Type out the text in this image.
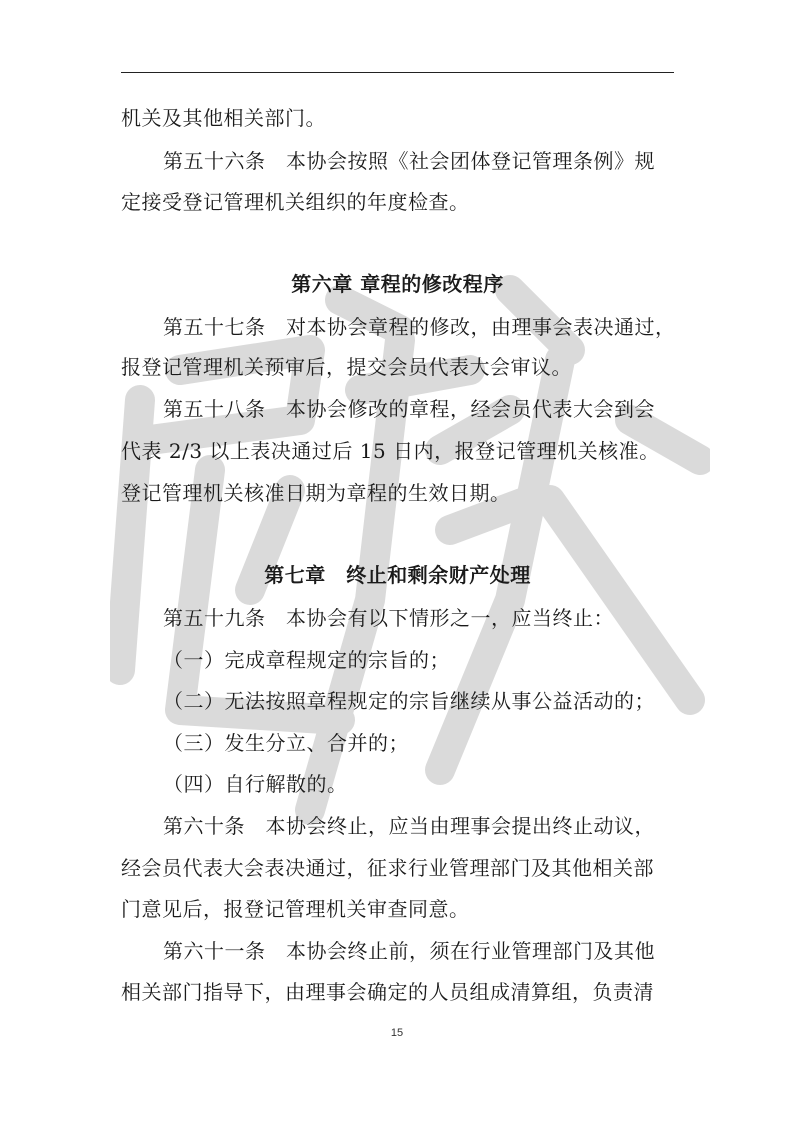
机关及其他相关部门。
第五十六条　本协会按照《社会团体登记管理条例》规
定接受登记管理机关组织的年度检查。
第六章 章程的修改程序
第五十七条　对本协会章程的修改，由理事会表决通过，
报登记管理机关预审后，提交会员代表大会审议。
第五十八条　本协会修改的章程，经会员代表大会到会
代表 2/3 以上表决通过后 15 日内，报登记管理机关核准。
登记管理机关核准日期为章程的生效日期。
第七章　终止和剩余财产处理
第五十九条　本协会有以下情形之一，应当终止：
（一）完成章程规定的宗旨的；
（二）无法按照章程规定的宗旨继续从事公益活动的；
（三）发生分立、合并的；
（四）自行解散的。
第六十条　本协会终止，应当由理事会提出终止动议，
经会员代表大会表决通过，征求行业管理部门及其他相关部
门意见后，报登记管理机关审查同意。
第六十一条　本协会终止前，须在行业管理部门及其他
相关部门指导下，由理事会确定的人员组成清算组，负责清
15
